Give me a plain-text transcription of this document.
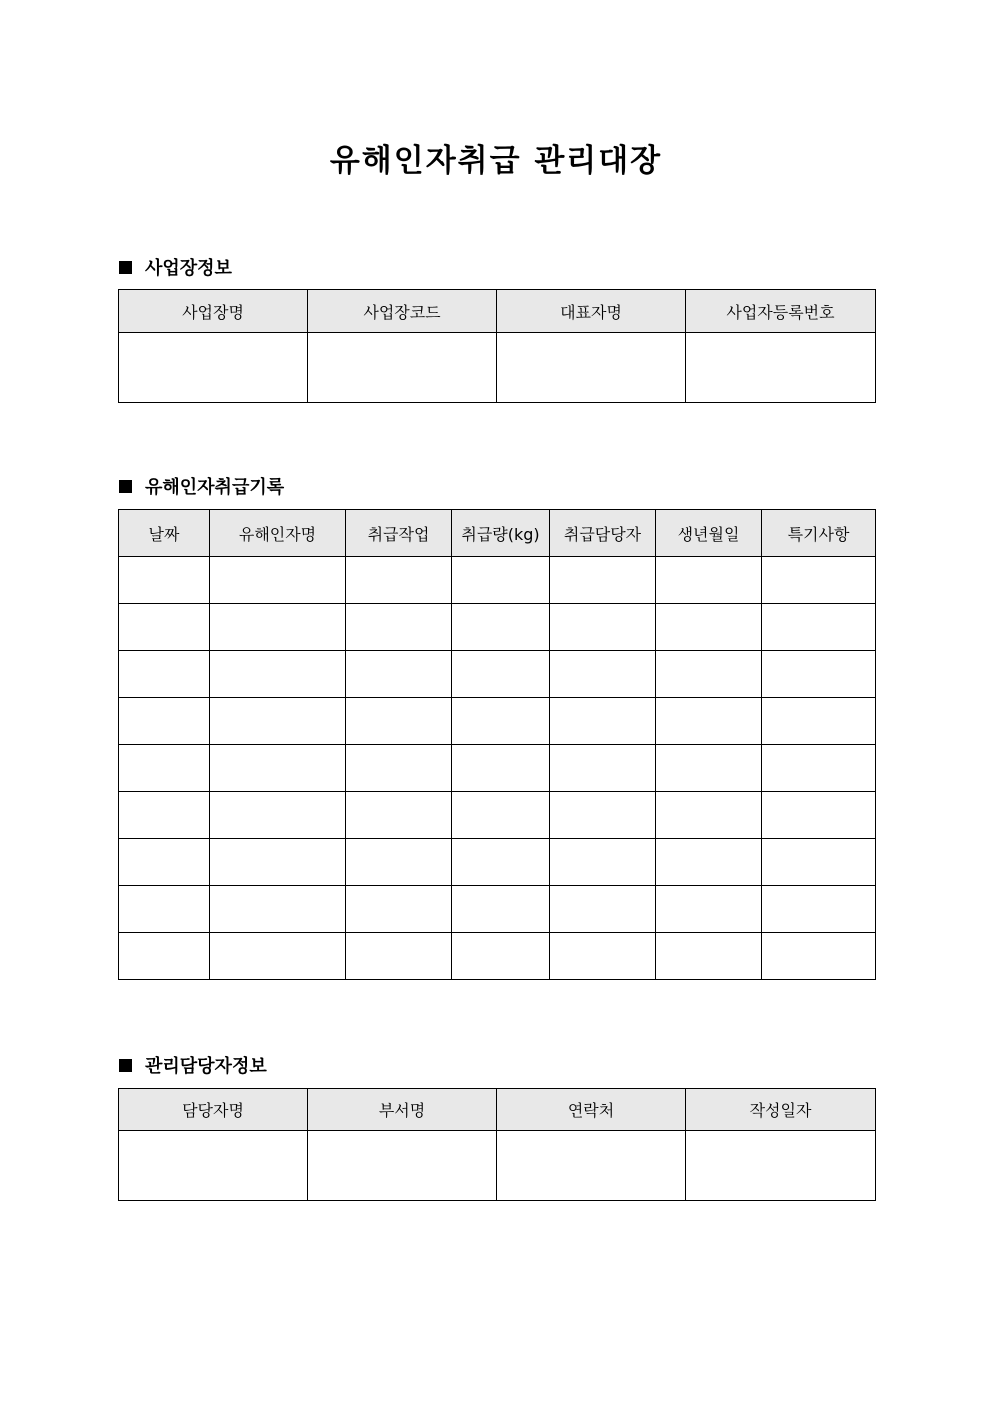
유해인자취급 관리대장
사업장정보
사업장명	사업장코드	대표자명	사업자등록번호

유해인자취급기록
날짜	유해인자명	취급작업	취급량(kg)	취급담당자	생년월일	특기사항

관리담당자정보
담당자명	부서명	연락처	작성일자
